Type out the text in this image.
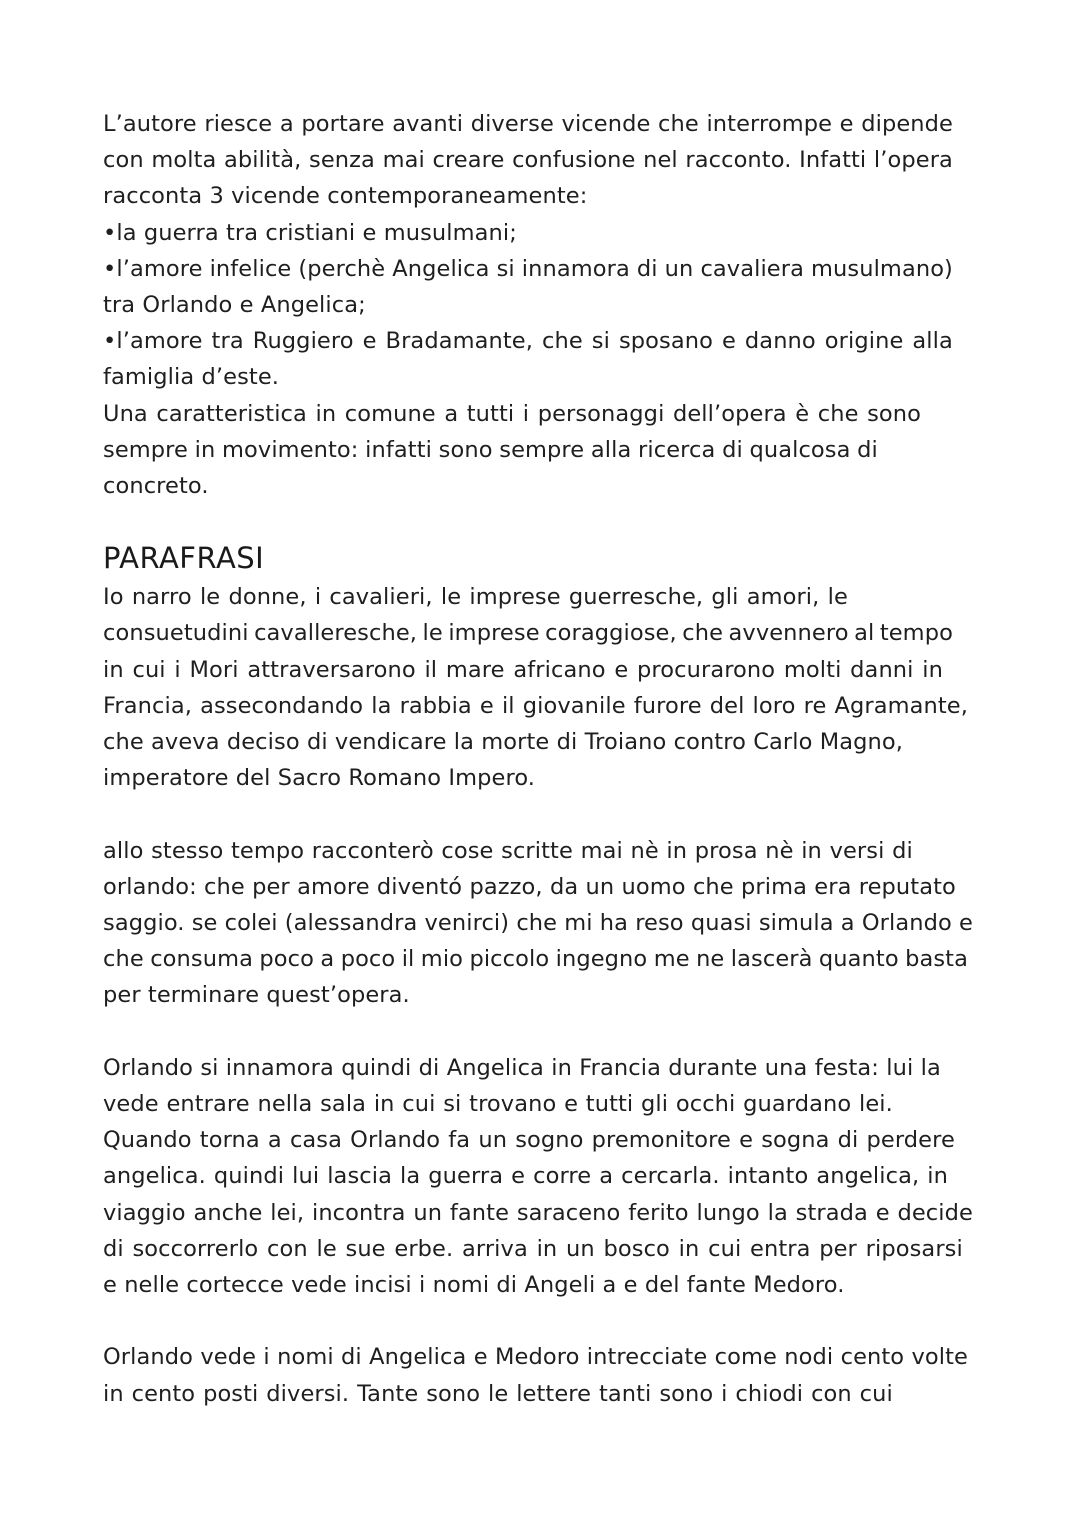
L’autore riesce a portare avanti diverse vicende che interrompe e dipende
con molta abilità, senza mai creare confusione nel racconto. Infatti l’opera
racconta 3 vicende contemporaneamente:
•la guerra tra cristiani e musulmani;
•l’amore infelice (perchè Angelica si innamora di un cavaliera musulmano)
tra Orlando e Angelica;
•l’amore tra Ruggiero e Bradamante, che si sposano e danno origine alla
famiglia d’este.
Una caratteristica in comune a tutti i personaggi dell’opera è che sono
sempre in movimento: infatti sono sempre alla ricerca di qualcosa di
concreto.
PARAFRASI
Io narro le donne, i cavalieri, le imprese guerresche, gli amori, le
consuetudini cavalleresche, le imprese coraggiose, che avvennero al tempo
in cui i Mori attraversarono il mare africano e procurarono molti danni in
Francia, assecondando la rabbia e il giovanile furore del loro re Agramante,
che aveva deciso di vendicare la morte di Troiano contro Carlo Magno,
imperatore del Sacro Romano Impero.
allo stesso tempo racconterò cose scritte mai nè in prosa nè in versi di
orlando: che per amore diventó pazzo, da un uomo che prima era reputato
saggio. se colei (alessandra venirci) che mi ha reso quasi simula a Orlando e
che consuma poco a poco il mio piccolo ingegno me ne lascerà quanto basta
per terminare quest’opera.
Orlando si innamora quindi di Angelica in Francia durante una festa: lui la
vede entrare nella sala in cui si trovano e tutti gli occhi guardano lei.
Quando torna a casa Orlando fa un sogno premonitore e sogna di perdere
angelica. quindi lui lascia la guerra e corre a cercarla. intanto angelica, in
viaggio anche lei, incontra un fante saraceno ferito lungo la strada e decide
di soccorrerlo con le sue erbe. arriva in un bosco in cui entra per riposarsi
e nelle cortecce vede incisi i nomi di Angeli a e del fante Medoro.
Orlando vede i nomi di Angelica e Medoro intrecciate come nodi cento volte
in cento posti diversi. Tante sono le lettere tanti sono i chiodi con cui
